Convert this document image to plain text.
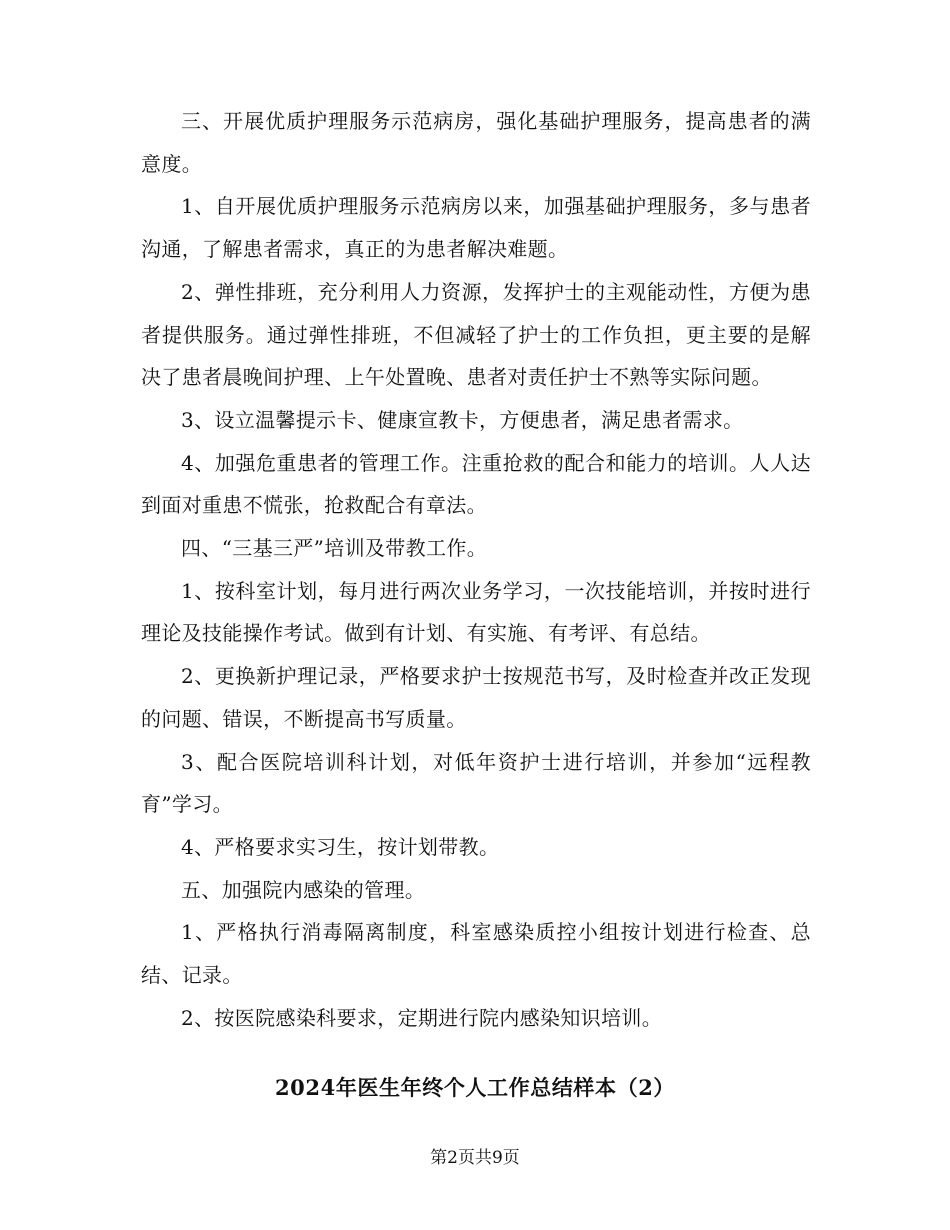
三、开展优质护理服务示范病房，强化基础护理服务，提高患者的满意度。

1、自开展优质护理服务示范病房以来，加强基础护理服务，多与患者沟通，了解患者需求，真正的为患者解决难题。

2、弹性排班，充分利用人力资源，发挥护士的主观能动性，方便为患者提供服务。通过弹性排班，不但减轻了护士的工作负担，更主要的是解决了患者晨晚间护理、上午处置晚、患者对责任护士不熟等实际问题。

3、设立温馨提示卡、健康宣教卡，方便患者，满足患者需求。

4、加强危重患者的管理工作。注重抢救的配合和能力的培训。人人达到面对重患不慌张，抢救配合有章法。

四、“三基三严”培训及带教工作。

1、按科室计划，每月进行两次业务学习，一次技能培训，并按时进行理论及技能操作考试。做到有计划、有实施、有考评、有总结。

2、更换新护理记录，严格要求护士按规范书写，及时检查并改正发现的问题、错误，不断提高书写质量。

3、配合医院培训科计划，对低年资护士进行培训，并参加“远程教育”学习。

4、严格要求实习生，按计划带教。

五、加强院内感染的管理。

1、严格执行消毒隔离制度，科室感染质控小组按计划进行检查、总结、记录。

2、按医院感染科要求，定期进行院内感染知识培训。

2024年医生年终个人工作总结样本（2）

第2页共9页
